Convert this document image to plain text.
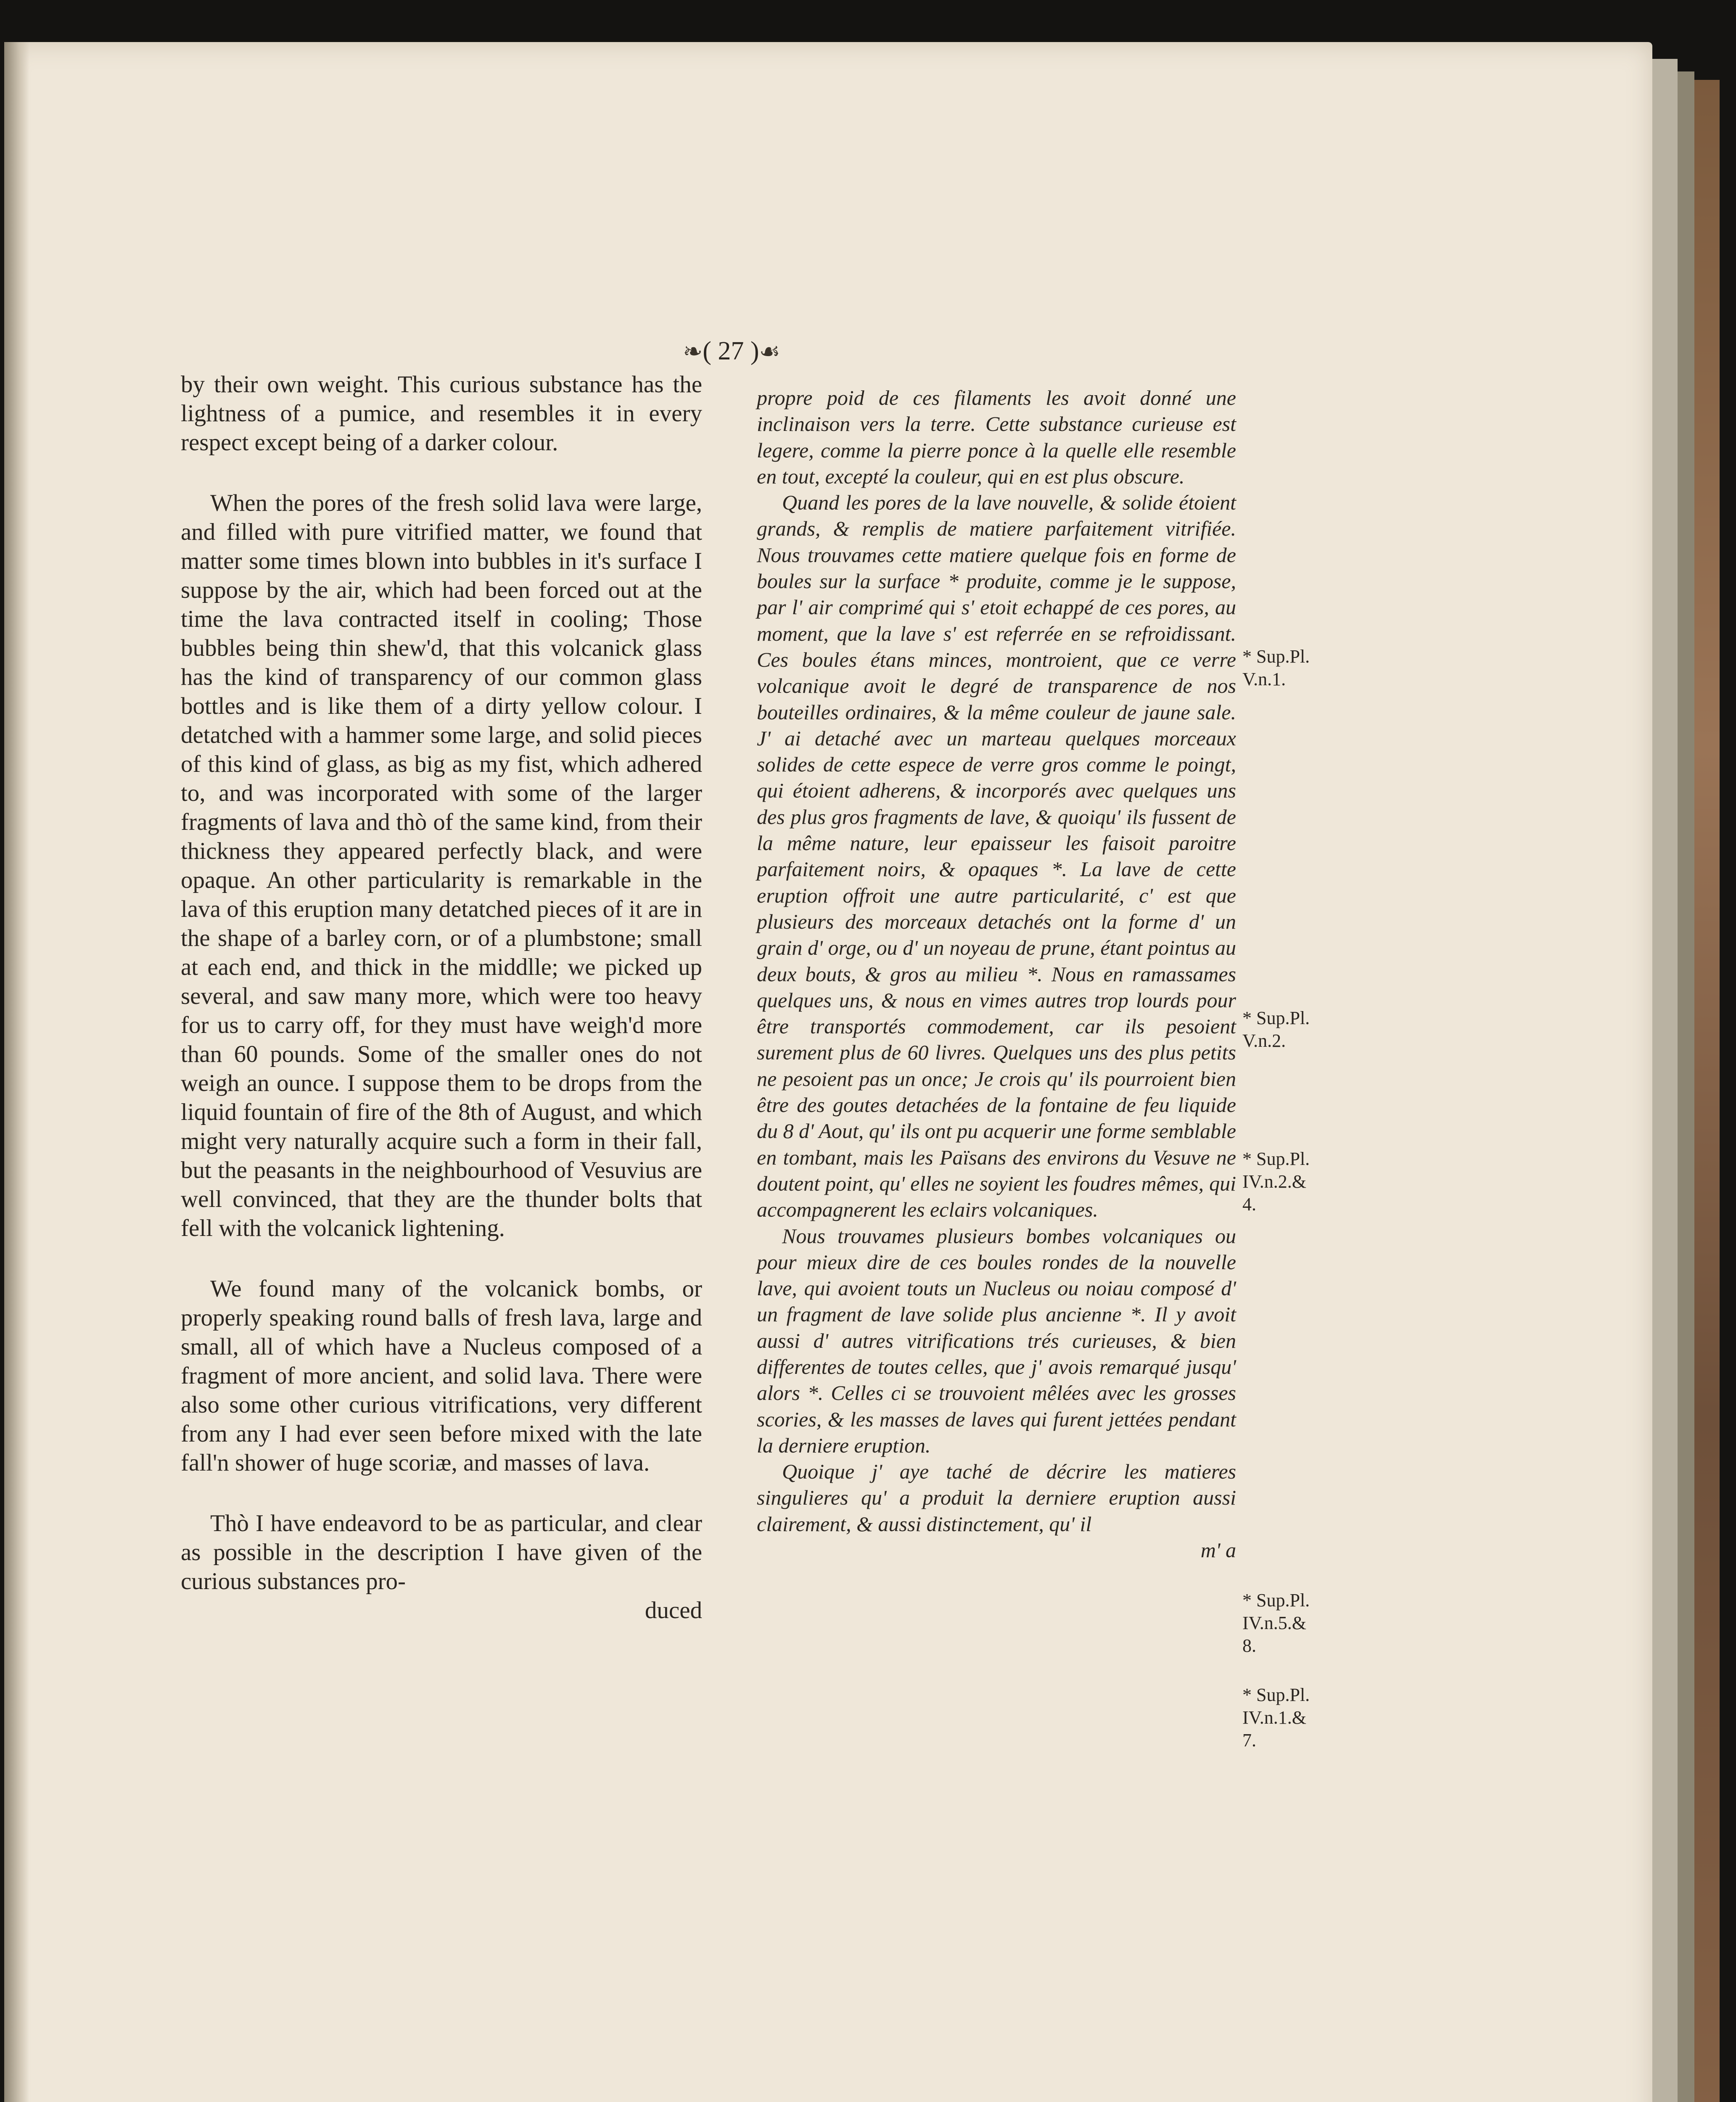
❧( 27 )☙

by their own weight. This curious substance has the lightness of a pumice, and resembles it in every respect except being of a darker colour.

When the pores of the fresh solid lava were large, and filled with pure vitrified matter, we found that matter some times blown into bubbles in it's surface I suppose by the air, which had been forced out at the time the lava contracted itself in cooling; Those bubbles being thin shew'd, that this volcanick glass has the kind of transparency of our common glass bottles and is like them of a dirty yellow colour. I detatched with a hammer some large, and solid pieces of this kind of glass, as big as my fist, which adhered to, and was incorporated with some of the larger fragments of lava and thò of the same kind, from their thickness they appeared perfectly black, and were opaque. An other particularity is remarkable in the lava of this eruption many detatched pieces of it are in the shape of a barley corn, or of a plumbstone; small at each end, and thick in the middlle; we picked up several, and saw many more, which were too heavy for us to carry off, for they must have weigh'd more than 60 pounds. Some of the smaller ones do not weigh an ounce. I suppose them to be drops from the liquid fountain of fire of the 8th of August, and which might very naturally acquire such a form in their fall, but the peasants in the neighbourhood of Vesuvius are well convinced, that they are the thunder bolts that fell with the volcanick lightening.

We found many of the volcanick bombs, or properly speaking round balls of fresh lava, large and small, all of which have a Nucleus composed of a fragment of more ancient, and solid lava. There were also some other curious vitrifications, very different from any I had ever seen before mixed with the late fall'n shower of huge scoriæ, and masses of lava.

Thò I have endeavord to be as particular, and clear as possible in the description I have given of the curious substances pro-

duced

propre poid de ces filaments les avoit donné une inclinaison vers la terre. Cette substance curieuse est legere, comme la pierre ponce à la quelle elle resemble en tout, excepté la couleur, qui en est plus obscure.

Quand les pores de la lave nouvelle, & solide étoient grands, & remplis de matiere parfaitement vitrifiée. Nous trouvames cette matiere quelque fois en forme de boules sur la surface * produite, comme je le suppose, par l' air comprimé qui s' etoit echappé de ces pores, au moment, que la lave s' est referrée en se refroidissant. Ces boules étans minces, montroient, que ce verre volcanique avoit le degré de transparence de nos bouteilles ordinaires, & la même couleur de jaune sale. J' ai detaché avec un marteau quelques morceaux solides de cette espece de verre gros comme le poingt, qui étoient adherens, & incorporés avec quelques uns des plus gros fragments de lave, & quoiqu' ils fussent de la même nature, leur epaisseur les faisoit paroitre parfaitement noirs, & opaques *. La lave de cette eruption offroit une autre particularité, c' est que plusieurs des morceaux detachés ont la forme d' un grain d' orge, ou d' un noyeau de prune, étant pointus au deux bouts, & gros au milieu *. Nous en ramassames quelques uns, & nous en vimes autres trop lourds pour être transportés commodement, car ils pesoient surement plus de 60 livres. Quelques uns des plus petits ne pesoient pas un once; Je crois qu' ils pourroient bien être des goutes detachées de la fontaine de feu liquide du 8 d' Aout, qu' ils ont pu acquerir une forme semblable en tombant, mais les Païsans des environs du Vesuve ne doutent point, qu' elles ne soyient les foudres mêmes, qui accompagnerent les eclairs volcaniques.

Nous trouvames plusieurs bombes volcaniques ou pour mieux dire de ces boules rondes de la nouvelle lave, qui avoient touts un Nucleus ou noiau composé d' un fragment de lave solide plus ancienne *. Il y avoit aussi d' autres vitrifications trés curieuses, & bien differentes de toutes celles, que j' avois remarqué jusqu' alors *. Celles ci se trouvoient mêlées avec les grosses scories, & les masses de laves qui furent jettées pendant la derniere eruption.

Quoique j' aye taché de décrire les matieres singulieres qu' a produit la derniere eruption aussi clairement, & aussi distinctement, qu' il

m' a

* Sup.Pl.
V.n.1.
* Sup.Pl.
V.n.2.
* Sup.Pl.
IV.n.2.&
4.
* Sup.Pl.
IV.n.5.&
8.
* Sup.Pl.
IV.n.1.&
7.
